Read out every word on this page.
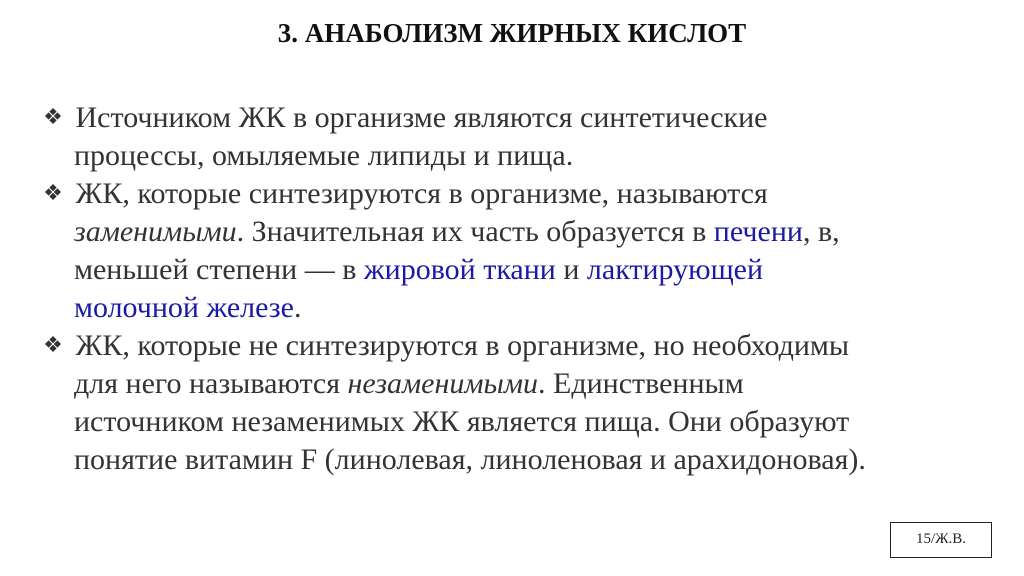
3. АНАБОЛИЗМ ЖИРНЫХ КИСЛОТ
❖ Источником ЖК в организме являются синтетические
процессы, омыляемые липиды и пища.
❖ ЖК, которые синтезируются в организме, называются
заменимыми. Значительная их часть образуется в печени, в,
меньшей степени — в жировой ткани и лактирующей
молочной железе.
❖ ЖК, которые не синтезируются в организме, но необходимы
для него называются незаменимыми. Единственным
источником незаменимых ЖК является пища. Они образуют
понятие витамин F (линолевая, линоленовая и арахидоновая).
15/Ж.В.
